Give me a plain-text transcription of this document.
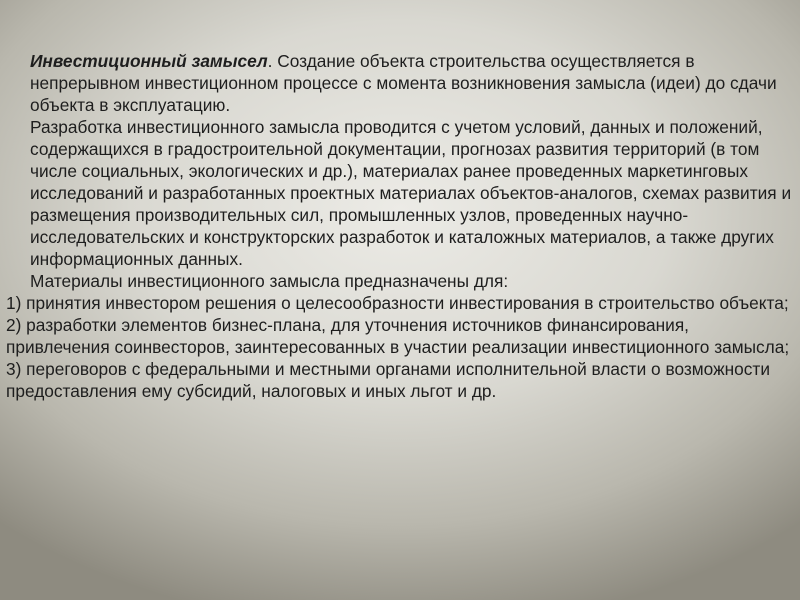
Инвестиционный замысел. Создание объекта строительства осуществляется в непрерывном инвестиционном процессе с момента возникновения замысла (идеи) до сдачи объекта в эксплуатацию.

Разработка инвестиционного замысла проводится с учетом условий, данных и положений, содержащихся в градостроительной документации, прогнозах развития территорий (в том числе социальных, экологических и др.), материалах ранее проведенных маркетинговых исследований и разработанных проектных материалах объектов-аналогов, схемах развития и размещения производительных сил, промышленных узлов, проведенных научно-исследовательских и конструкторских разработок и каталожных материалов, а также других информационных данных.

Материалы инвестиционного замысла предназначены для:

1) принятия инвестором решения о целесообразности инвестирования в строительство объекта;

2) разработки элементов бизнес-плана, для уточнения источников финансирования, привлечения соинвесторов, заинтересованных в участии реализации инвестиционного замысла;

3) переговоров с федеральными и местными органами исполнительной власти о возможности предоставления ему субсидий, налоговых и иных льгот и др.
